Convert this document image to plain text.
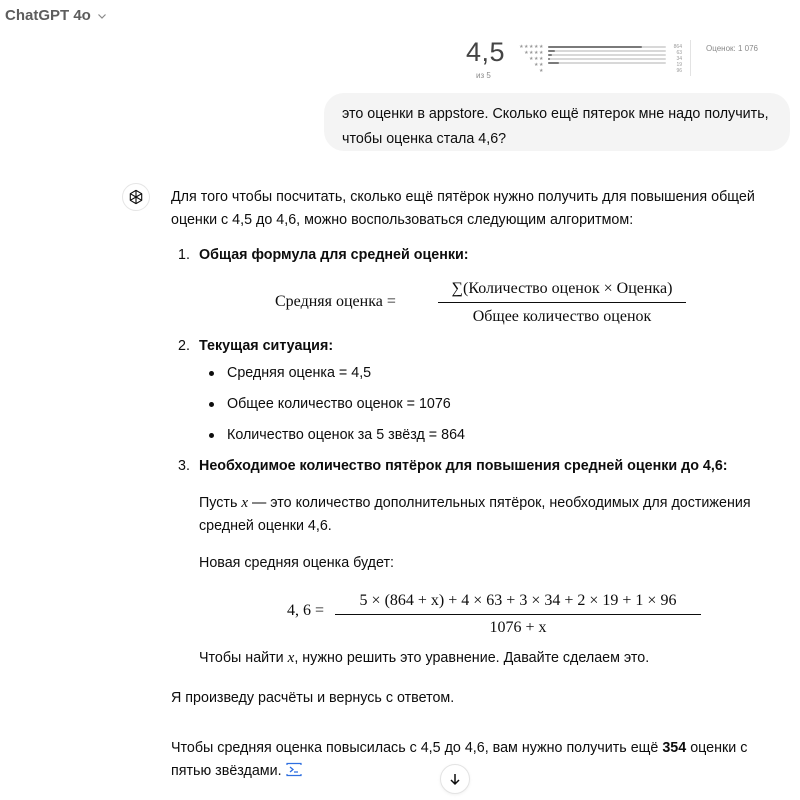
ChatGPT 4o
4,5
из 5
★★★★★
★★★★
★★★
★★
★
864
63
34
19
96
Оценок: 1 076
это оценки в appstore. Сколько ещё пятерок мне надо получить, чтобы оценка стала 4,6?
Для того чтобы посчитать, сколько ещё пятёрок нужно получить для повышения общей оценки с 4,5 до 4,6, можно воспользоваться следующим алгоритмом:
1. Общая формула для средней оценки:
Средняя оценка =
∑(Количество оценок × Оценка)
Общее количество оценок
2. Текущая ситуация:
Средняя оценка = 4,5
Общее количество оценок = 1076
Количество оценок за 5 звёзд = 864
3. Необходимое количество пятёрок для повышения средней оценки до 4,6:
Пусть x — это количество дополнительных пятёрок, необходимых для достижения средней оценки 4,6.
Новая средняя оценка будет:
4, $6 = \frac{5 \times (864 + x) + 4 \times 63 + 3 \times 34 + 2 \times 19 + 1 \times 96}{1076 + x}$
Чтобы найти x, нужно решить это уравнение. Давайте сделаем это.
Я произведу расчёты и вернусь с ответом.
Чтобы средняя оценка повысилась с 4,5 до 4,6, вам нужно получить ещё 354 оценки с пятью звёздами.
